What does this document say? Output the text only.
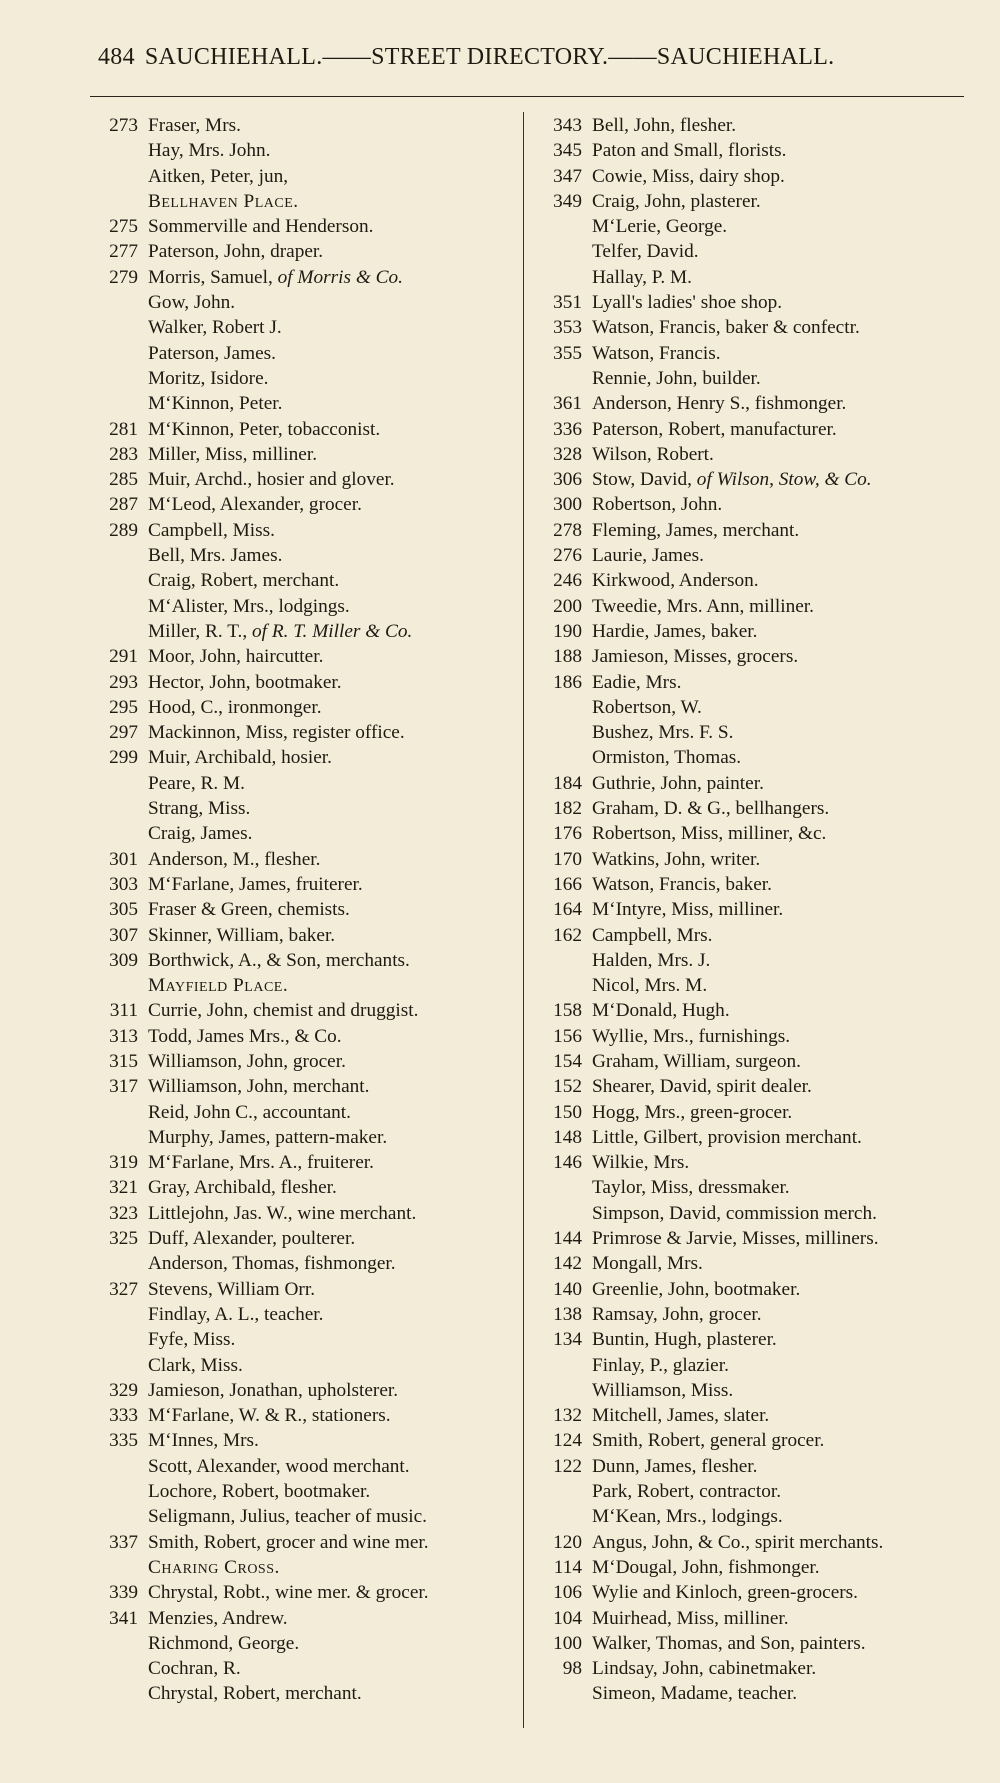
484 SAUCHIEHALL.——STREET DIRECTORY.——SAUCHIEHALL.
273 Fraser, Mrs.
Hay, Mrs. John.
Aitken, Peter, jun,
Bellhaven Place.
275 Sommerville and Henderson.
277 Paterson, John, draper.
279 Morris, Samuel, of Morris & Co.
Gow, John.
Walker, Robert J.
Paterson, James.
Moritz, Isidore.
M‘Kinnon, Peter.
281 M‘Kinnon, Peter, tobacconist.
283 Miller, Miss, milliner.
285 Muir, Archd., hosier and glover.
287 M‘Leod, Alexander, grocer.
289 Campbell, Miss.
Bell, Mrs. James.
Craig, Robert, merchant.
M‘Alister, Mrs., lodgings.
Miller, R. T., of R. T. Miller & Co.
291 Moor, John, haircutter.
293 Hector, John, bootmaker.
295 Hood, C., ironmonger.
297 Mackinnon, Miss, register office.
299 Muir, Archibald, hosier.
Peare, R. M.
Strang, Miss.
Craig, James.
301 Anderson, M., flesher.
303 M‘Farlane, James, fruiterer.
305 Fraser & Green, chemists.
307 Skinner, William, baker.
309 Borthwick, A., & Son, merchants.
Mayfield Place.
311 Currie, John, chemist and druggist.
313 Todd, James Mrs., & Co.
315 Williamson, John, grocer.
317 Williamson, John, merchant.
Reid, John C., accountant.
Murphy, James, pattern-maker.
319 M‘Farlane, Mrs. A., fruiterer.
321 Gray, Archibald, flesher.
323 Littlejohn, Jas. W., wine merchant.
325 Duff, Alexander, poulterer.
Anderson, Thomas, fishmonger.
327 Stevens, William Orr.
Findlay, A. L., teacher.
Fyfe, Miss.
Clark, Miss.
329 Jamieson, Jonathan, upholsterer.
333 M‘Farlane, W. & R., stationers.
335 M‘Innes, Mrs.
Scott, Alexander, wood merchant.
Lochore, Robert, bootmaker.
Seligmann, Julius, teacher of music.
337 Smith, Robert, grocer and wine mer.
Charing Cross.
339 Chrystal, Robt., wine mer. & grocer.
341 Menzies, Andrew.
Richmond, George.
Cochran, R.
Chrystal, Robert, merchant.
343 Bell, John, flesher.
345 Paton and Small, florists.
347 Cowie, Miss, dairy shop.
349 Craig, John, plasterer.
M‘Lerie, George.
Telfer, David.
Hallay, P. M.
351 Lyall's ladies' shoe shop.
353 Watson, Francis, baker & confectr.
355 Watson, Francis.
Rennie, John, builder.
361 Anderson, Henry S., fishmonger.
336 Paterson, Robert, manufacturer.
328 Wilson, Robert.
306 Stow, David, of Wilson, Stow, & Co.
300 Robertson, John.
278 Fleming, James, merchant.
276 Laurie, James.
246 Kirkwood, Anderson.
200 Tweedie, Mrs. Ann, milliner.
190 Hardie, James, baker.
188 Jamieson, Misses, grocers.
186 Eadie, Mrs.
Robertson, W.
Bushez, Mrs. F. S.
Ormiston, Thomas.
184 Guthrie, John, painter.
182 Graham, D. & G., bellhangers.
176 Robertson, Miss, milliner, &c.
170 Watkins, John, writer.
166 Watson, Francis, baker.
164 M‘Intyre, Miss, milliner.
162 Campbell, Mrs.
Halden, Mrs. J.
Nicol, Mrs. M.
158 M‘Donald, Hugh.
156 Wyllie, Mrs., furnishings.
154 Graham, William, surgeon.
152 Shearer, David, spirit dealer.
150 Hogg, Mrs., green-grocer.
148 Little, Gilbert, provision merchant.
146 Wilkie, Mrs.
Taylor, Miss, dressmaker.
Simpson, David, commission merch.
144 Primrose & Jarvie, Misses, milliners.
142 Mongall, Mrs.
140 Greenlie, John, bootmaker.
138 Ramsay, John, grocer.
134 Buntin, Hugh, plasterer.
Finlay, P., glazier.
Williamson, Miss.
132 Mitchell, James, slater.
124 Smith, Robert, general grocer.
122 Dunn, James, flesher.
Park, Robert, contractor.
M‘Kean, Mrs., lodgings.
120 Angus, John, & Co., spirit merchants.
114 M‘Dougal, John, fishmonger.
106 Wylie and Kinloch, green-grocers.
104 Muirhead, Miss, milliner.
100 Walker, Thomas, and Son, painters.
98 Lindsay, John, cabinetmaker.
Simeon, Madame, teacher.
